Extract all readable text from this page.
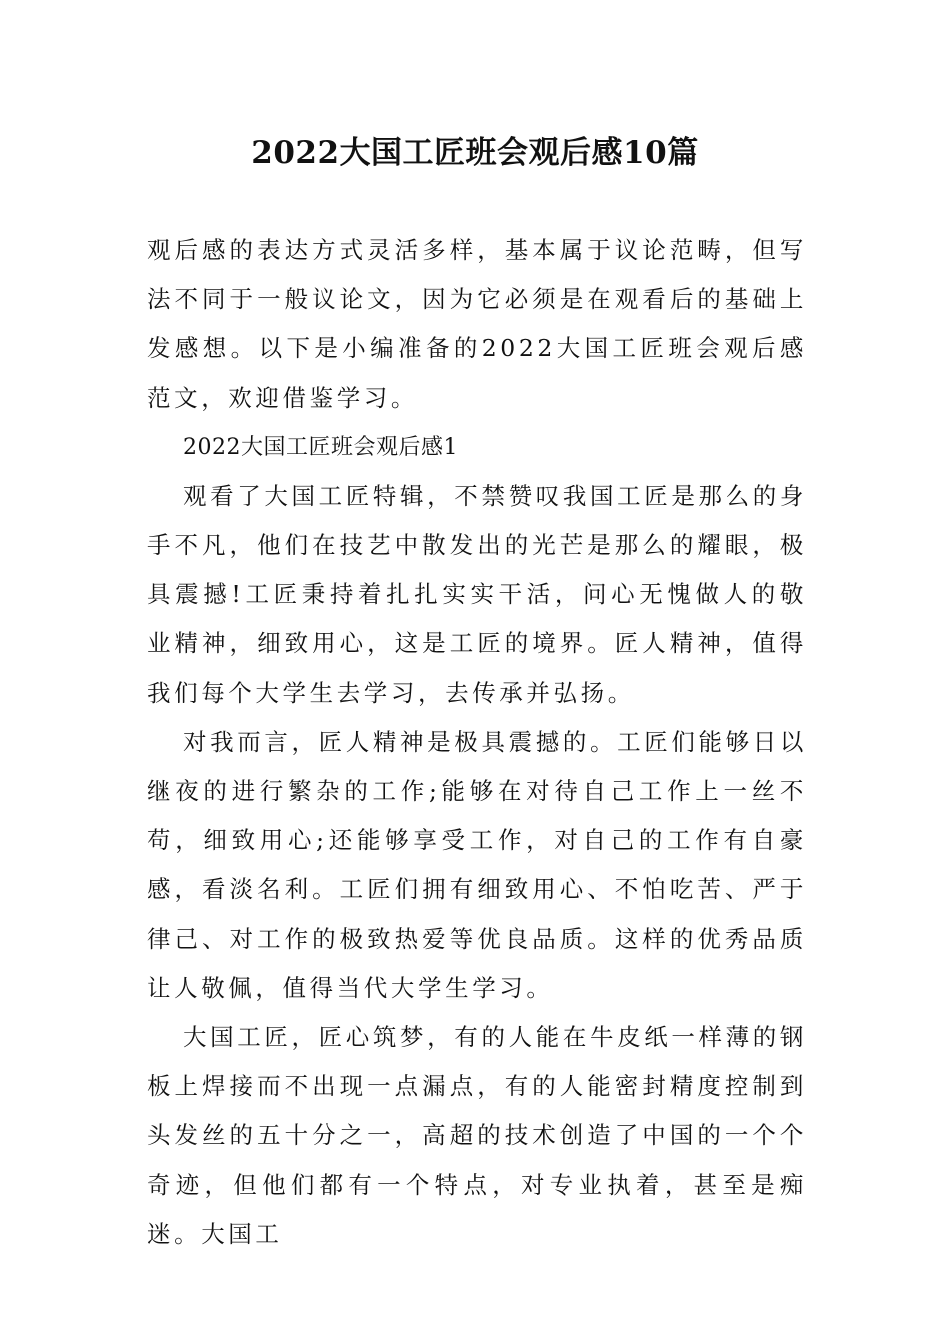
2022大国工匠班会观后感10篇

观后感的表达方式灵活多样，基本属于议论范畴，但写法不同于一般议论文，因为它必须是在观看后的基础上发感想。以下是小编准备的2022大国工匠班会观后感范文，欢迎借鉴学习。

2022大国工匠班会观后感1

观看了大国工匠特辑，不禁赞叹我国工匠是那么的身手不凡，他们在技艺中散发出的光芒是那么的耀眼，极具震撼!工匠秉持着扎扎实实干活，问心无愧做人的敬业精神，细致用心，这是工匠的境界。匠人精神，值得我们每个大学生去学习，去传承并弘扬。

对我而言，匠人精神是极具震撼的。工匠们能够日以继夜的进行繁杂的工作;能够在对待自己工作上一丝不苟，细致用心;还能够享受工作，对自己的工作有自豪感，看淡名利。工匠们拥有细致用心、不怕吃苦、严于律己、对工作的极致热爱等优良品质。这样的优秀品质让人敬佩，值得当代大学生学习。

大国工匠，匠心筑梦，有的人能在牛皮纸一样薄的钢板上焊接而不出现一点漏点，有的人能密封精度控制到头发丝的五十分之一，高超的技术创造了中国的一个个奇迹，但他们都有一个特点，对专业执着，甚至是痴迷。大国工
